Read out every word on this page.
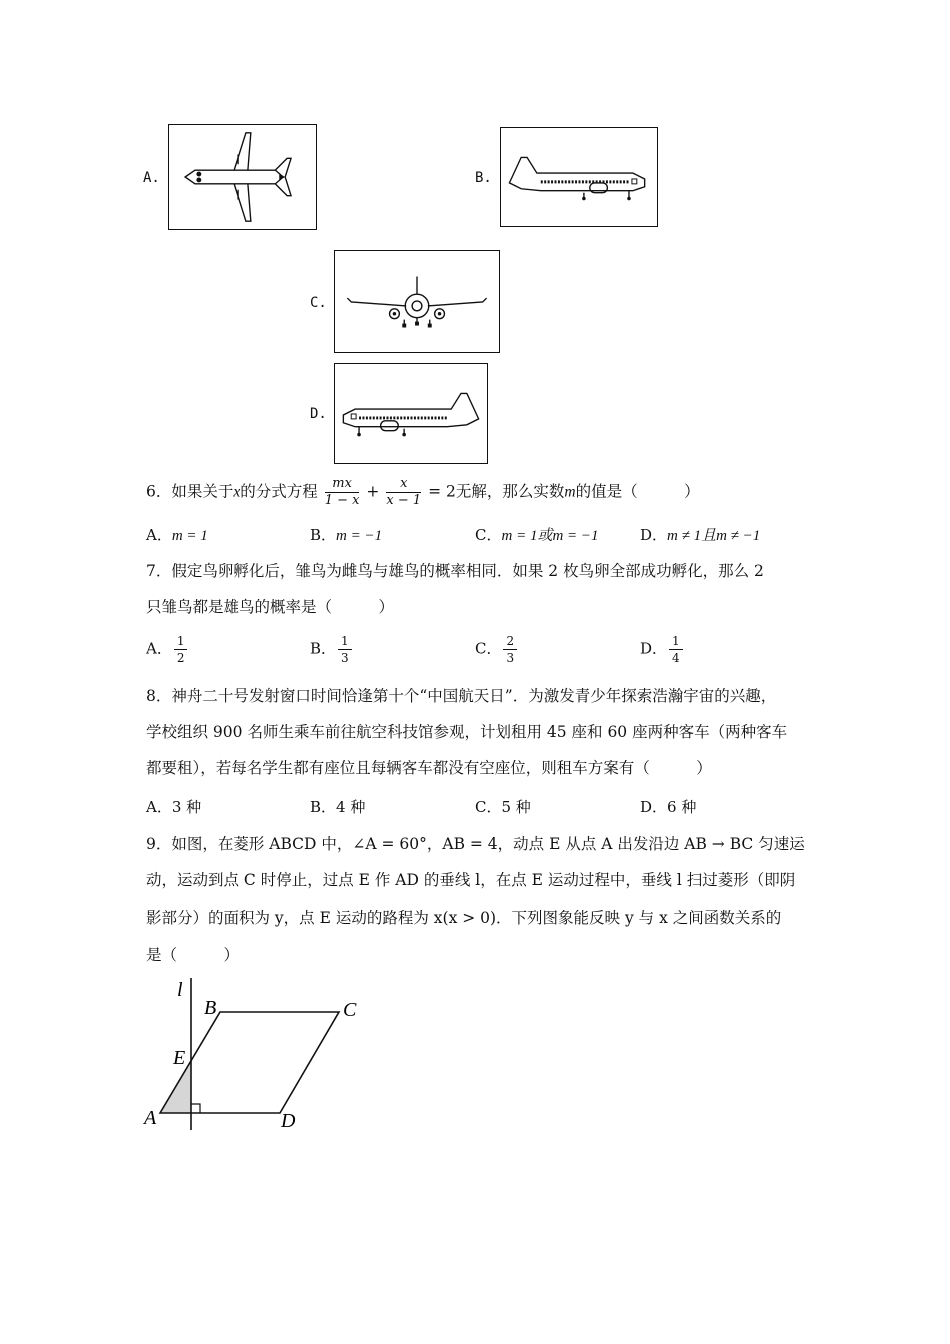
A.	B.
C.
D.
6．如果关于x的分式方程 $\frac{mx}{1 - x} + \frac{x}{x - 1} = 2$无解，那么实数m的值是（　　　）
A．m = 1	B．m = −1	C．m = 1或m = −1	D．m ≠ 1且m ≠ −1
7．假定鸟卵孵化后，雏鸟为雌鸟与雄鸟的概率相同．如果 2 枚鸟卵全部成功孵化，那么 2
只雏鸟都是雄鸟的概率是（　　　）
A． $\frac{1}{2}$	B． $\frac{1}{3}$	C． $\frac{2}{3}$	D． $\frac{1}{4}$
8．神舟二十号发射窗口时间恰逢第十个“中国航天日”．为激发青少年探索浩瀚宇宙的兴趣，
学校组织 900 名师生乘车前往航空科技馆参观，计划租用 45 座和 60 座两种客车（两种客车
都要租），若每名学生都有座位且每辆客车都没有空座位，则租车方案有（　　　）
A．3 种	B．4 种	C．5 种	D．6 种
9．如图，在菱形 ABCD 中，∠A = 60°，AB = 4，动点 E 从点 A 出发沿边 AB → BC 匀速运
动，运动到点 C 时停止，过点 E 作 AD 的垂线 l，在点 E 运动过程中，垂线 l 扫过菱形（即阴
影部分）的面积为 y，点 E 运动的路程为 x(x > 0)．下列图象能反映 y 与 x 之间函数关系的
是（　　　）
l
B	C
E
A	D
